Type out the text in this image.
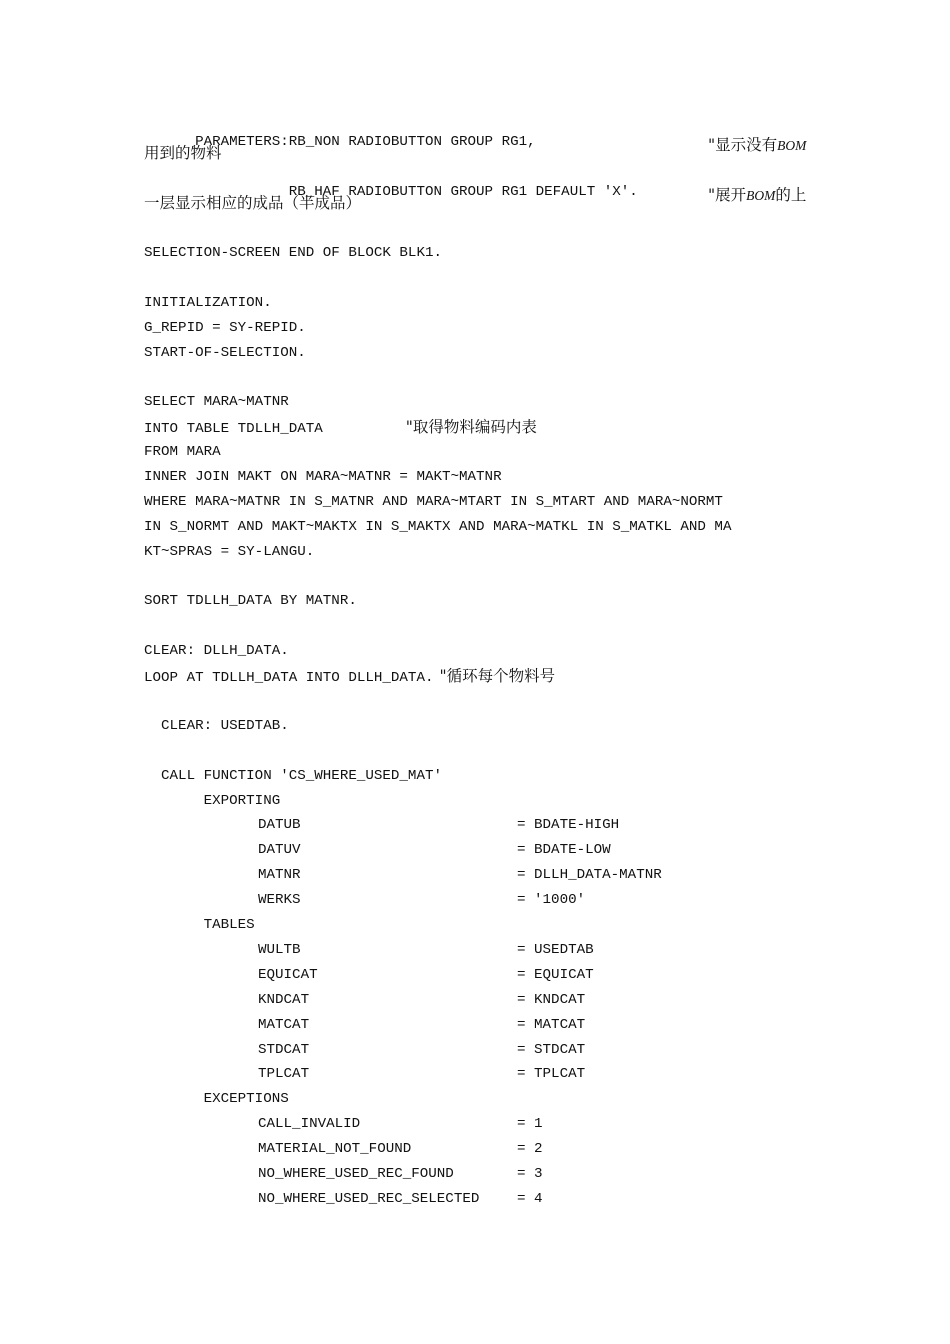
PARAMETERS:RB_NON RADIOBUTTON GROUP RG1,
	"显示没有BOM

用到的物料

RB_HAF RADIOBUTTON GROUP RG1 DEFAULT 'X'.
	"展开BOM的上

一层显示相应的成品（半成品）
SELECTION-SCREEN END OF BLOCK BLK1.
INITIALIZATION.
G_REPID = SY-REPID.
START-OF-SELECTION.
SELECT MARA~MATNR
INTO TABLE TDLLH_DATA	"取得物料编码内表
FROM MARA
INNER JOIN MAKT ON MARA~MATNR = MAKT~MATNR
WHERE MARA~MATNR IN S_MATNR AND MARA~MTART IN S_MTART AND MARA~NORMT
IN S_NORMT AND MAKT~MAKTX IN S_MAKTX AND MARA~MATKL IN S_MATKL AND MA
KT~SPRAS = SY-LANGU.
SORT TDLLH_DATA BY MATNR.
CLEAR: DLLH_DATA.
LOOP AT TDLLH_DATA INTO DLLH_DATA. "循环每个物料号
CLEAR: USEDTAB.
CALL FUNCTION 'CS_WHERE_USED_MAT'
EXPORTING
DATUB	= BDATE-HIGH
DATUV	= BDATE-LOW
MATNR	= DLLH_DATA-MATNR
WERKS	= '1000'
TABLES
WULTB	= USEDTAB
EQUICAT	= EQUICAT
KNDCAT	= KNDCAT
MATCAT	= MATCAT
STDCAT	= STDCAT
TPLCAT	= TPLCAT
EXCEPTIONS
CALL_INVALID	= 1
MATERIAL_NOT_FOUND	= 2
NO_WHERE_USED_REC_FOUND	= 3
NO_WHERE_USED_REC_SELECTED	= 4
